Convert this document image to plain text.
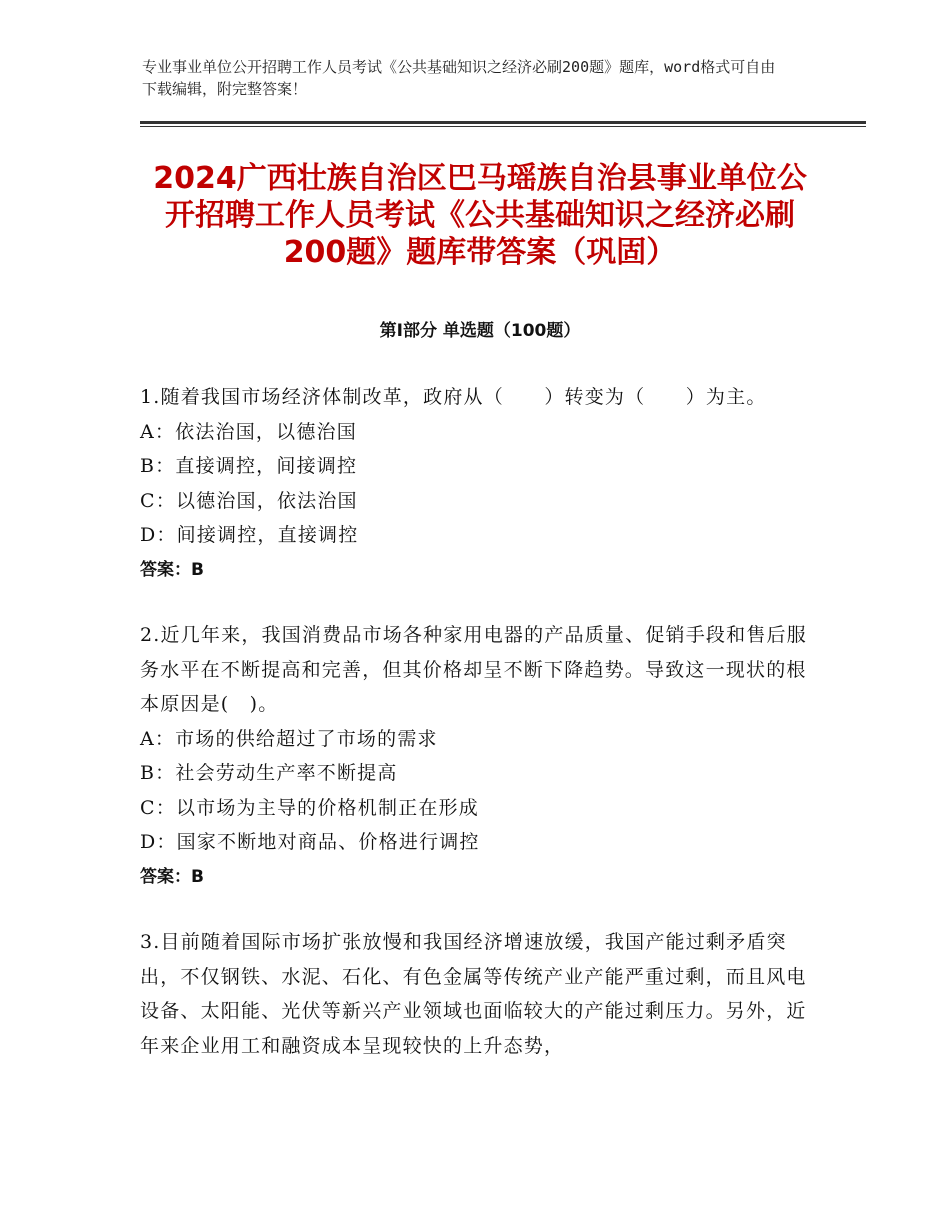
专业事业单位公开招聘工作人员考试《公共基础知识之经济必刷200题》题库，word格式可自由下载编辑，附完整答案！
2024广西壮族自治区巴马瑶族自治县事业单位公开招聘工作人员考试《公共基础知识之经济必刷200题》题库带答案（巩固）
第Ⅰ部分 单选题（100题）
1.随着我国市场经济体制改革，政府从（　　）转变为（　　）为主。
A：依法治国，以德治国
B：直接调控，间接调控
C：以德治国，依法治国
D：间接调控，直接调控
答案：B
2.近几年来，我国消费品市场各种家用电器的产品质量、促销手段和售后服务水平在不断提高和完善，但其价格却呈不断下降趋势。导致这一现状的根本原因是(　)。
A：市场的供给超过了市场的需求
B：社会劳动生产率不断提高
C：以市场为主导的价格机制正在形成
D：国家不断地对商品、价格进行调控
答案：B
3.目前随着国际市场扩张放慢和我国经济增速放缓，我国产能过剩矛盾突出，不仅钢铁、水泥、石化、有色金属等传统产业产能严重过剩，而且风电设备、太阳能、光伏等新兴产业领域也面临较大的产能过剩压力。另外，近年来企业用工和融资成本呈现较快的上升态势，
